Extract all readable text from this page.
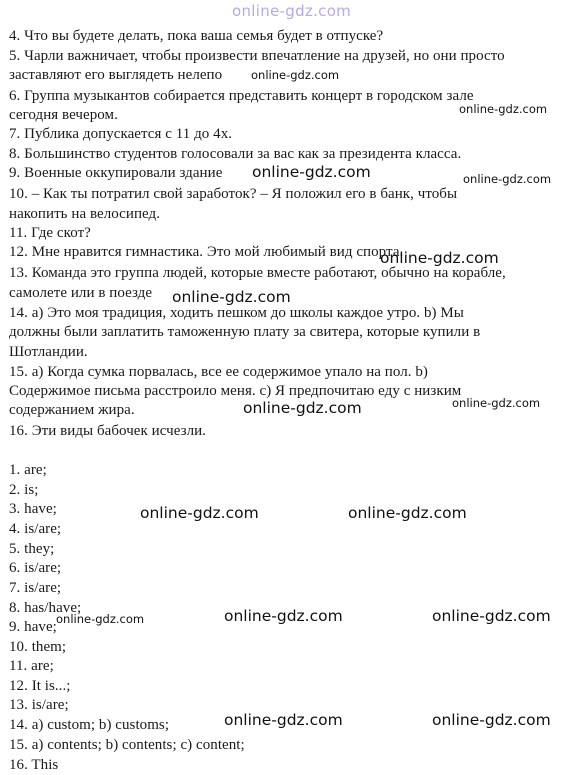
online-gdz.com
4. Что вы будете делать, пока ваша семья будет в отпуске?
5. Чарли важничает, чтобы произвести впечатление на друзей, но они просто
заставляют его выглядеть нелепо
6. Группа музыкантов собирается представить концерт в городском зале
сегодня вечером.
7. Публика допускается с 11 до 4х.
8. Большинство студентов голосовали за вас как за президента класса.
9. Военные оккупировали здание
10. – Как ты потратил свой заработок? – Я положил его в банк, чтобы
накопить на велосипед.
11. Где скот?
12. Мне нравится гимнастика. Это мой любимый вид спорта.
13. Команда это группа людей, которые вместе работают, обычно на корабле,
самолете или в поезде
14. a) Это моя традиция, ходить пешком до школы каждое утро. b) Мы
должны были заплатить таможенную плату за свитера, которые купили в
Шотландии.
15. a) Когда сумка порвалась, все ее содержимое упало на пол. b)
Содержимое письма расстроило меня. c) Я предпочитаю еду с низким
содержанием жира.
16. Эти виды бабочек исчезли.
1. are;
2. is;
3. have;
4. is/are;
5. they;
6. is/are;
7. is/are;
8. has/have;
9. have;
10. them;
11. are;
12. It is...;
13. is/are;
14. a) custom; b) customs;
15. a) contents; b) contents; c) content;
16. This
online-gdz.com
online-gdz.com
online-gdz.com	online-gdz.com
online-gdz.com
online-gdz.com
online-gdz.com
online-gdz.com
online-gdz.com	online-gdz.com
online-gdz.com	online-gdz.com	online-gdz.com
online-gdz.com	online-gdz.com
